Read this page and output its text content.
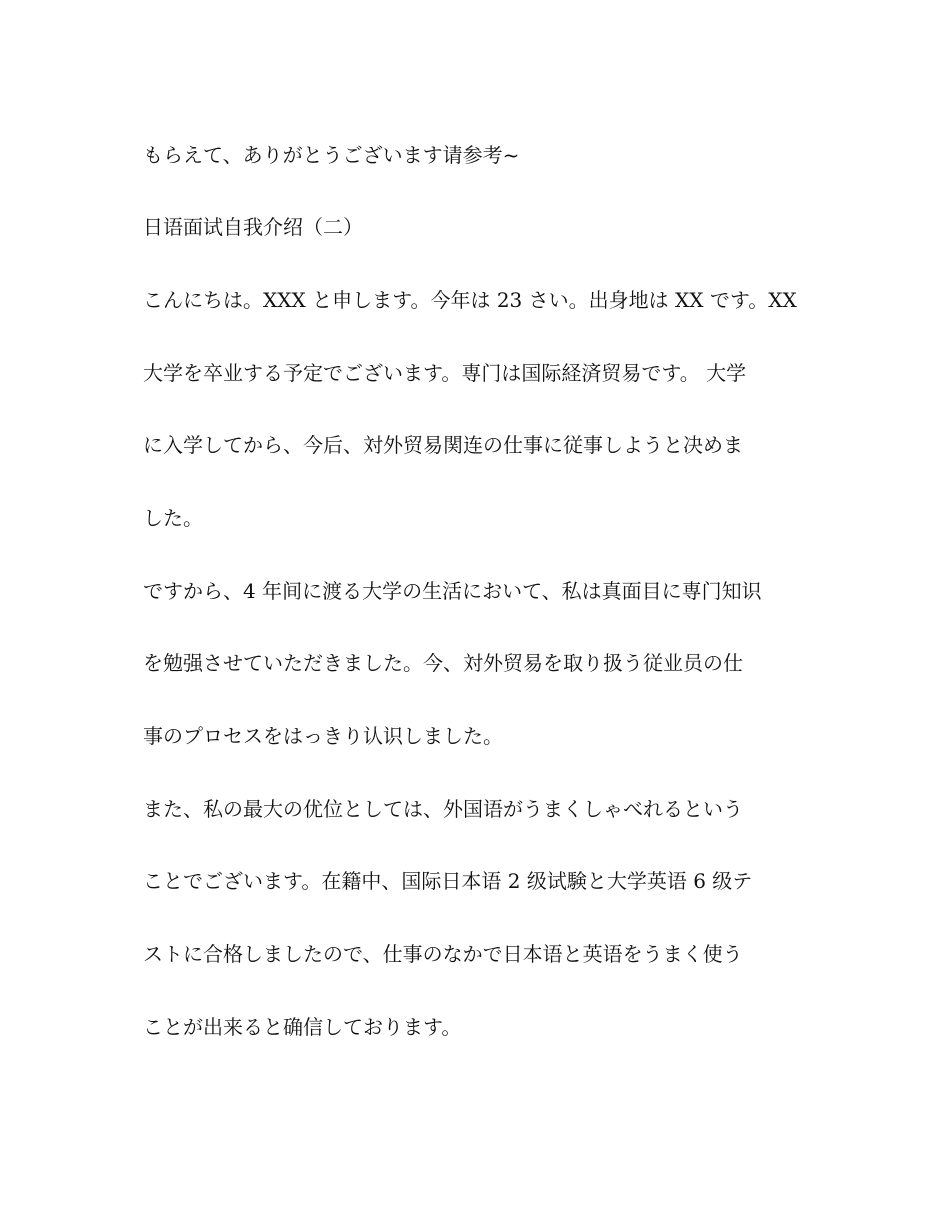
もらえて、ありがとうございます请参考~
日语面试自我介绍（二）
こんにちは。XXX と申します。今年は 23 さい。出身地は XX です。XX
大学を卒业する予定でございます。専门は国际経済贸易です。 大学
に入学してから、今后、対外贸易関连の仕事に従事しようと决めま
した。
ですから、4 年间に渡る大学の生活において、私は真面目に専门知识
を勉强させていただきました。今、対外贸易を取り扱う従业员の仕
事のプロセスをはっきり认识しました。
また、私の最大の优位としては、外国语がうまくしゃべれるという
ことでございます。在籍中、国际日本语 2 级试験と大学英语 6 级テ
ストに合格しましたので、仕事のなかで日本语と英语をうまく使う
ことが出来ると确信しております。
